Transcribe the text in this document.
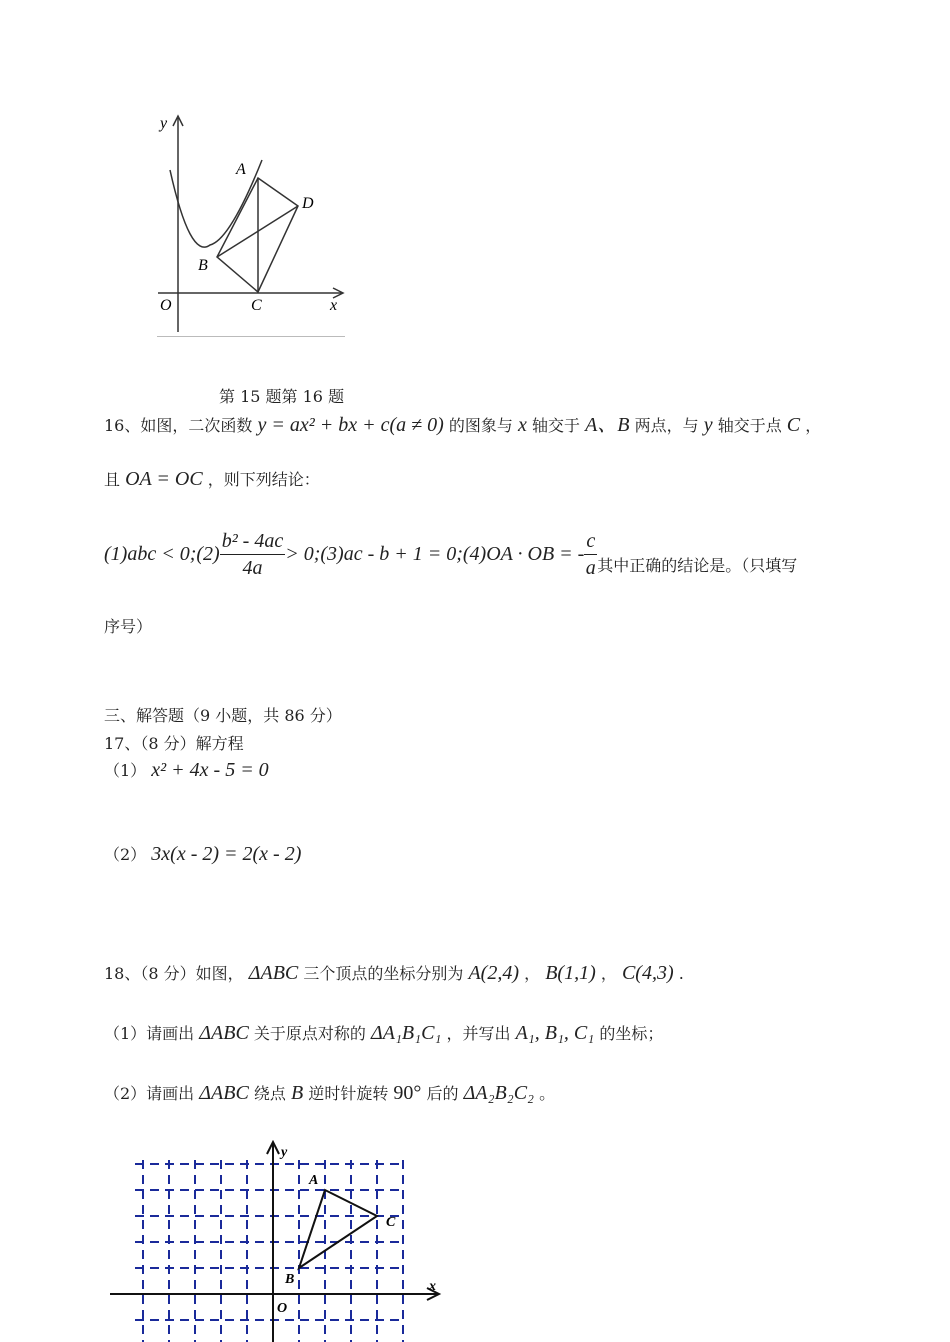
y
x
O
A
B
C
D
第 15 题第 16 题
16、如图，二次函数 y = ax² + bx + c(a ≠ 0) 的图象与 x 轴交于 A、B 两点，与 y 轴交于点 C ，
且 OA = OC ，则下列结论：
(1)abc < 0;(2) $\frac{\text{b² - 4ac}}{4a}$ > 0;(3)ac - b + 1 = 0;(4)OA · OB = - $\frac{c}{a}$ 其中正确的结论是。（只填写
序号）
三、解答题（9 小题，共 86 分）
17、（8 分）解方程
（1） x² + 4x - 5 = 0
（2） 3x(x - 2) = 2(x - 2)
18、（8 分）如图， ΔABC 三个顶点的坐标分别为 A(2,4) ， B(1,1) ， C(4,3) .
（1）请画出 ΔABC 关于原点对称的 ΔA₁B₁C₁ ，并写出 A₁, B₁, C₁ 的坐标；
（2）请画出 ΔABC 绕点 B 逆时针旋转 90° 后的 ΔA₂B₂C₂ 。
y
x
O
A
B
C
